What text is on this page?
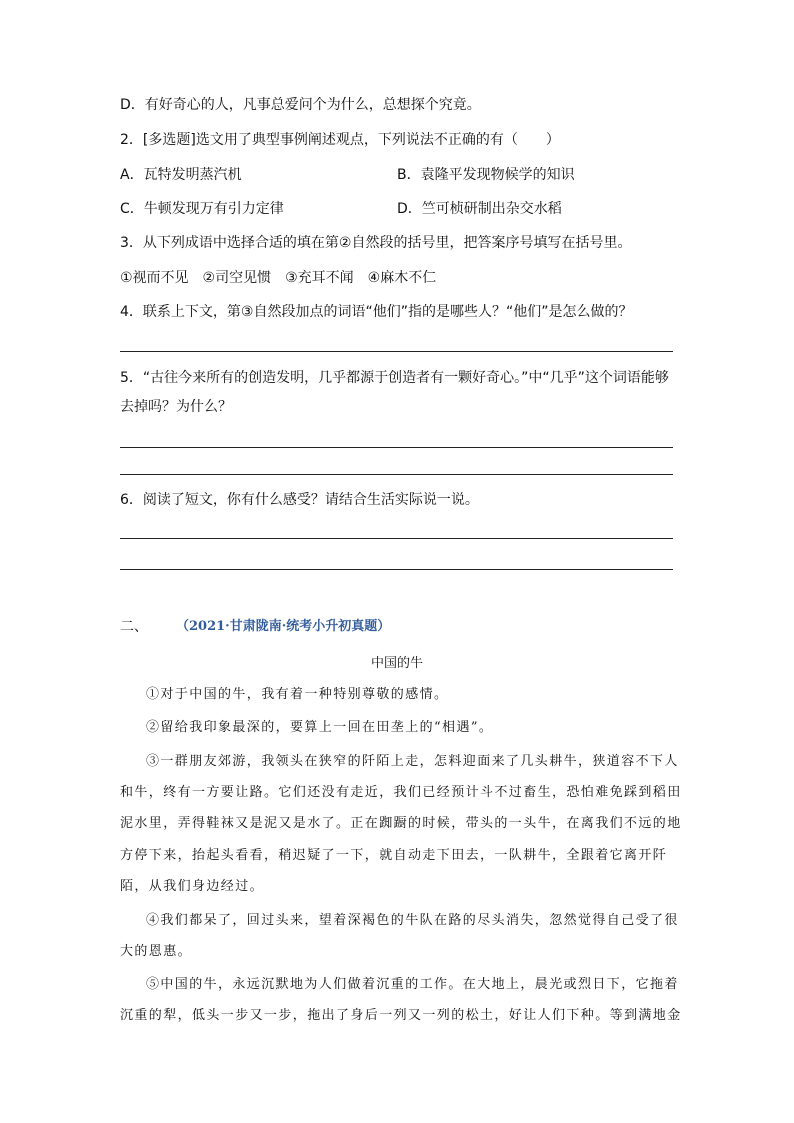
D．有好奇心的人，凡事总爱问个为什么，总想探个究竟。
2．[多选题]选文用了典型事例阐述观点，下列说法不正确的有（　　）
A．瓦特发明蒸汽机	B．袁隆平发现物候学的知识
C．牛顿发现万有引力定律	D．竺可桢研制出杂交水稻
3．从下列成语中选择合适的填在第②自然段的括号里，把答案序号填写在括号里。
①视而不见　②司空见惯　③充耳不闻　④麻木不仁
4．联系上下文，第③自然段加点的词语“他们”指的是哪些人？“他们”是怎么做的？
5．“古往今来所有的创造发明，几乎都源于创造者有一颗好奇心。”中“几乎”这个词语能够
去掉吗？为什么？
6．阅读了短文，你有什么感受？请结合生活实际说一说。
二、 （2021·甘肃陇南·统考小升初真题）
中国的牛
①对于中国的牛，我有着一种特别尊敬的感情。
②留给我印象最深的，要算上一回在田垄上的“相遇”。
③一群朋友郊游，我领头在狭窄的阡陌上走，怎料迎面来了几头耕牛，狭道容不下人
和牛，终有一方要让路。它们还没有走近，我们已经预计斗不过畜生，恐怕难免踩到稻田
泥水里，弄得鞋袜又是泥又是水了。正在踟蹰的时候，带头的一头牛，在离我们不远的地
方停下来，抬起头看看，稍迟疑了一下，就自动走下田去，一队耕牛，全跟着它离开阡
陌，从我们身边经过。
④我们都呆了，回过头来，望着深褐色的牛队在路的尽头消失，忽然觉得自己受了很
大的恩惠。
⑤中国的牛，永远沉默地为人们做着沉重的工作。在大地上，晨光或烈日下，它拖着
沉重的犁，低头一步又一步，拖出了身后一列又一列的松土，好让人们下种。等到满地金
